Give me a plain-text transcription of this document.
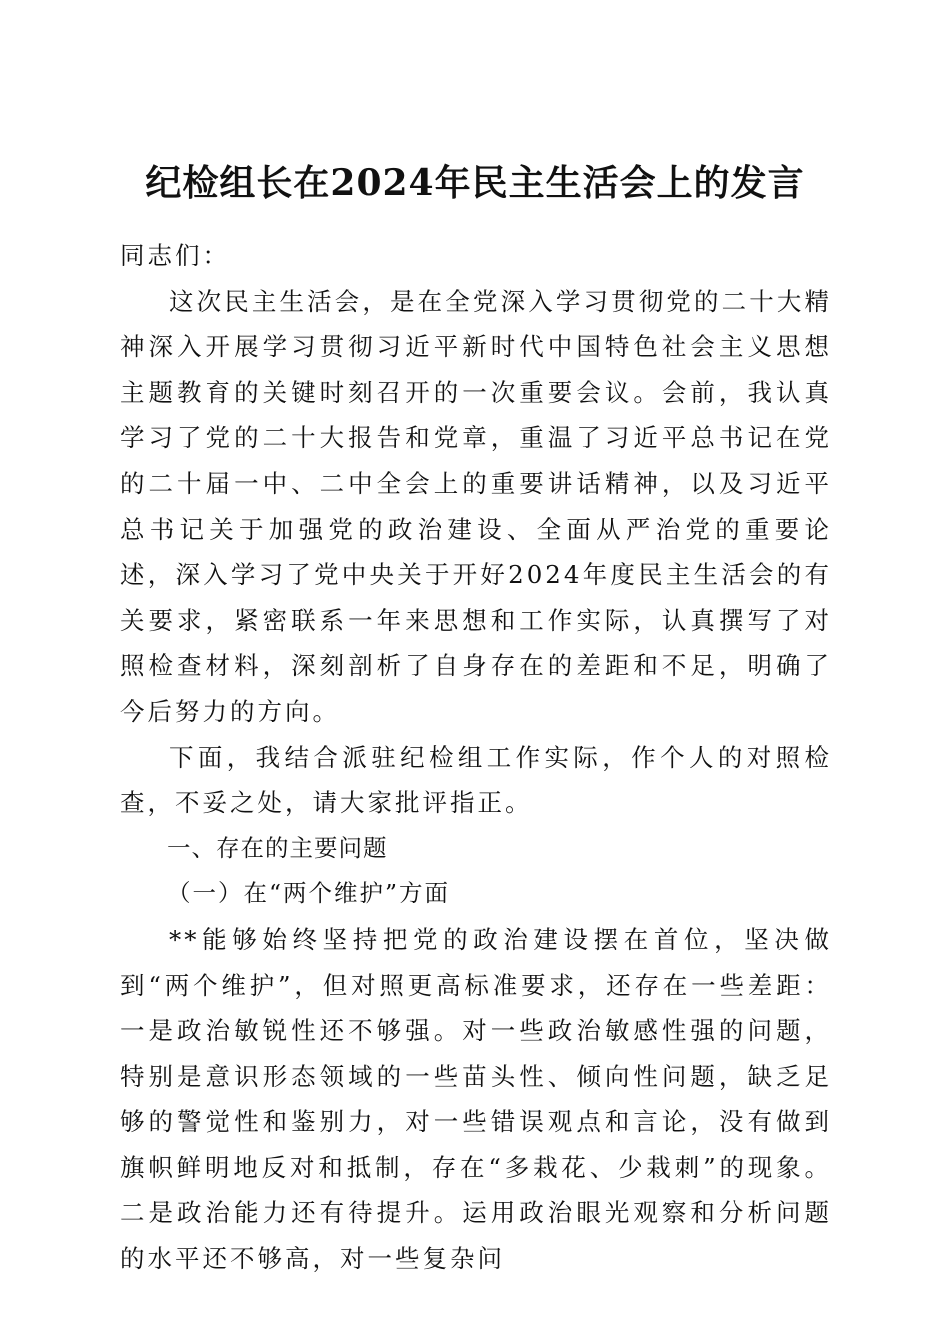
纪检组长在2024年民主生活会上的发言

同志们：

这次民主生活会，是在全党深入学习贯彻党的二十大精神深入开展学习贯彻习近平新时代中国特色社会主义思想主题教育的关键时刻召开的一次重要会议。会前，我认真学习了党的二十大报告和党章，重温了习近平总书记在党的二十届一中、二中全会上的重要讲话精神，以及习近平总书记关于加强党的政治建设、全面从严治党的重要论述，深入学习了党中央关于开好2024年度民主生活会的有关要求，紧密联系一年来思想和工作实际，认真撰写了对照检查材料，深刻剖析了自身存在的差距和不足，明确了今后努力的方向。

下面，我结合派驻纪检组工作实际，作个人的对照检查，不妥之处，请大家批评指正。

一、存在的主要问题

（一）在“两个维护”方面

**能够始终坚持把党的政治建设摆在首位，坚决做到“两个维护”，但对照更高标准要求，还存在一些差距：一是政治敏锐性还不够强。对一些政治敏感性强的问题，特别是意识形态领域的一些苗头性、倾向性问题，缺乏足够的警觉性和鉴别力，对一些错误观点和言论，没有做到旗帜鲜明地反对和抵制，存在“多栽花、少栽刺”的现象。二是政治能力还有待提升。运用政治眼光观察和分析问题的水平还不够高，对一些复杂问
